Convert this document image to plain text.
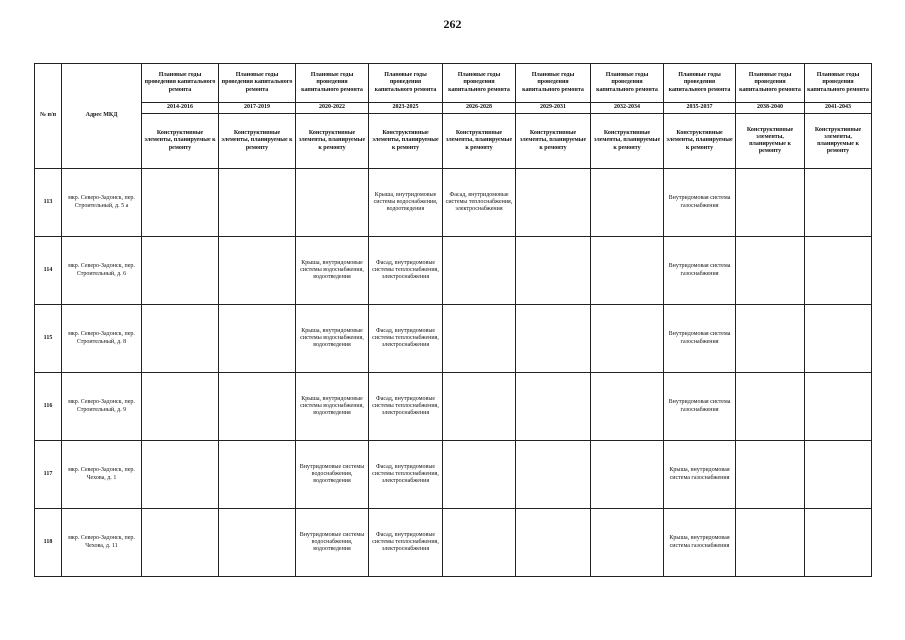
262
№ п/п	Адрес МКД	Плановые годы проведения капитального ремонта	Плановые годы проведения капитального ремонта	Плановые годы проведения капитального ремонта	Плановые годы проведения капитального ремонта	Плановые годы проведения капитального ремонта	Плановые годы проведения капитального ремонта	Плановые годы проведения капитального ремонта	Плановые годы проведения капитального ремонта	Плановые годы проведения капитального ремонта	Плановые годы проведения капитального ремонта
		2014-2016	2017-2019	2020-2022	2023-2025	2026-2028	2029-2031	2032-2034	2035-2037	2038-2040	2041-2043
		Конструктивные элементы, планируемые к ремонту	Конструктивные элементы, планируемые к ремонту	Конструктивные элементы, планируемые к ремонту	Конструктивные элементы, планируемые к ремонту	Конструктивные элементы, планируемые к ремонту	Конструктивные элементы, планируемые к ремонту	Конструктивные элементы, планируемые к ремонту	Конструктивные элементы, планируемые к ремонту	Конструктивные элементы, планируемые к ремонту	Конструктивные элементы, планируемые к ремонту
113	мкр. Северо-Задонск, пер. Строительный, д. 5 а				Крыша, внутридомовые системы водоснабжения, водоотведения	Фасад, внутридомовые системы теплоснабжения, электроснабжения			Внутридомовая система газоснабжения		
114	мкр. Северо-Задонск, пер. Строительный, д. 6			Крыша, внутридомовые системы водоснабжения, водоотведения	Фасад, внутридомовые системы теплоснабжения, электроснабжения				Внутридомовая система газоснабжения		
115	мкр. Северо-Задонск, пер. Строительный, д. 8			Крыша, внутридомовые системы водоснабжения, водоотведения	Фасад, внутридомовые системы теплоснабжения, электроснабжения				Внутридомовая система газоснабжения		
116	мкр. Северо-Задонск, пер. Строительный, д. 9			Крыша, внутридомовые системы водоснабжения, водоотведения	Фасад, внутридомовые системы теплоснабжения, электроснабжения				Внутридомовая система газоснабжения		
117	мкр. Северо-Задонск, пер. Чехова, д. 1			Внутридомовые системы водоснабжения, водоотведения	Фасад, внутридомовые системы теплоснабжения, электроснабжения				Крыша, внутридомовая система газоснабжения		
118	мкр. Северо-Задонск, пер. Чехова, д. 11			Внутридомовые системы водоснабжения, водоотведения	Фасад, внутридомовые системы теплоснабжения, электроснабжения				Крыша, внутридомовая система газоснабжения		
